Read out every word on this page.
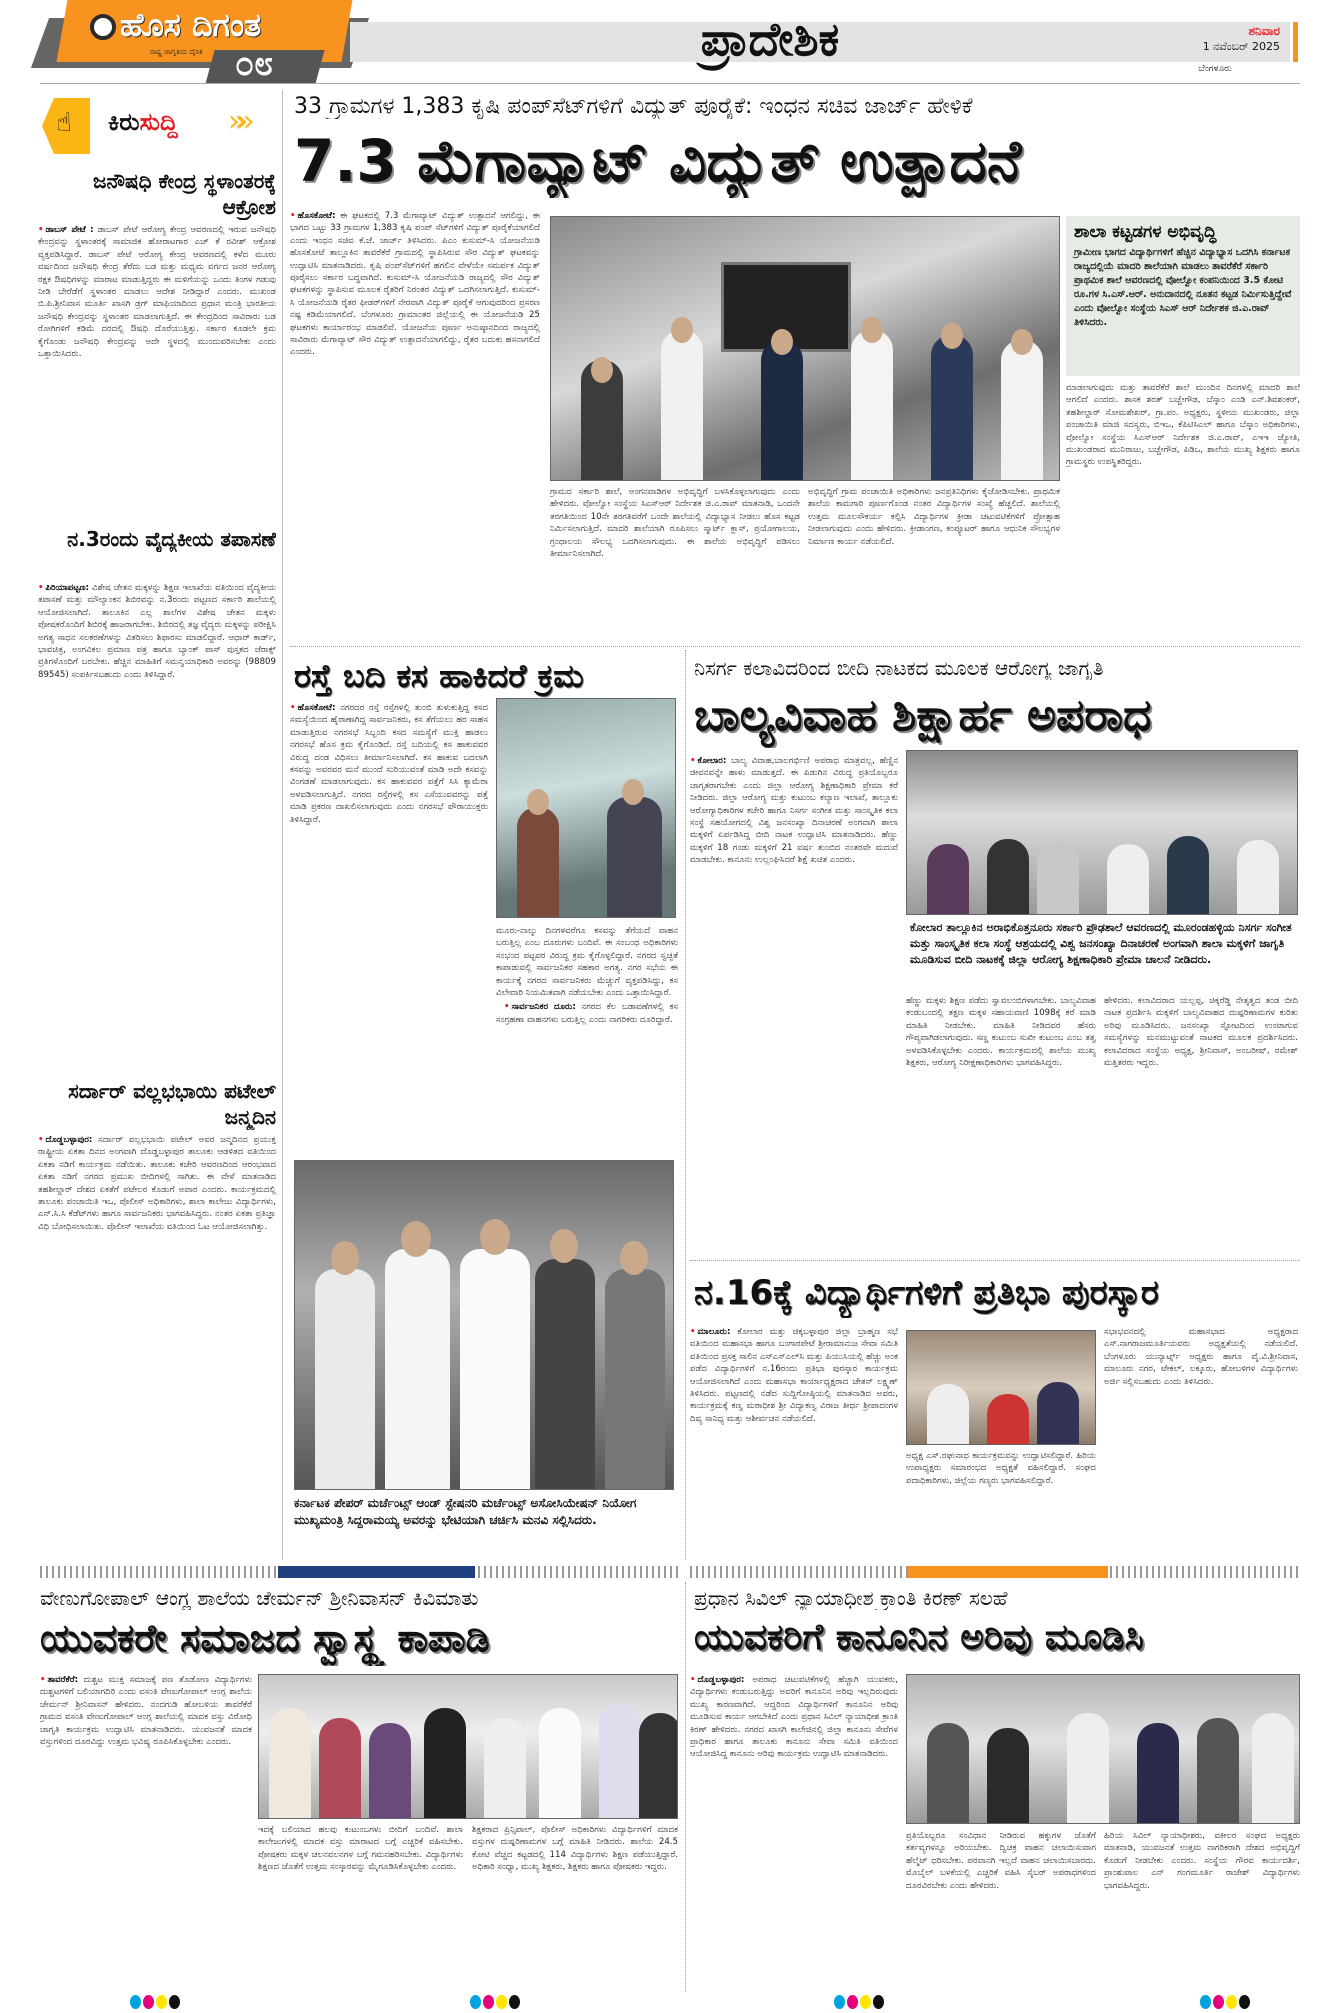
ಹೊಸ ದಿಗಂತ
ರಾಷ್ಟ್ರ ಜಾಗೃತಿಯ ದೈನಿಕ ೦೮	ಪ್ರಾದೇಶಿಕ	ಶನಿವಾರ
1 ನವೆಂಬರ್ 2025
ಬೆಂಗಳೂರು
☝ ಕಿರುಸುದ್ದಿ »»
ಜನೌಷಧಿ ಕೇಂದ್ರ ಸ್ಥಳಾಂತರಕ್ಕೆ ಆಕ್ರೋಶ

• ಡಾಬಸ್ ಪೇಟೆ : ಡಾಬಸ್ ಪೇಟೆ ಆರೋಗ್ಯ ಕೇಂದ್ರ ಆವರಣದಲ್ಲಿ ಇರುವ ಜನೌಷಧಿ ಕೇಂದ್ರವನ್ನು ಸ್ಥಳಾಂತರಕ್ಕೆ ಸಾಮಾಜಿಕ ಹೋರಾಟಗಾರ ಎಚ್ ಕೆ ರವೀಶ್ ಆಕ್ರೋಶ ವ್ಯಕ್ತಪಡಿಸಿದ್ದಾರೆ. ಡಾಬಸ್ ಪೇಟೆ ಆರೋಗ್ಯ ಕೇಂದ್ರ ಆವರಣದಲ್ಲಿ ಕಳೆದ ಮೂರು ವರ್ಷದಿಂದ ಜನೌಷಧಿ ಕೇಂದ್ರ ತೆರೆದು ಬಡ ಮತ್ತು ಮಧ್ಯಮ ವರ್ಗದ ಜನರ ಆರೋಗ್ಯ ರಕ್ಷಕ ಔಷಧಿಗಳನ್ನು ಮಾರಾಟ ಮಾಡುತ್ತಿದ್ದರು ಈ ಮಳಿಗೆಯನ್ನು ಒಂದು ತಿಂಗಳ ಗಡುವು ನೀಡಿ ಬೇರೆಡೆಗೆ ಸ್ಥಳಾಂತರ ಮಾಡಲು ಆದೇಶ ನೀಡಿದ್ದಾರೆ ಎಂದರು. ಮುಖಂಡ ಬಿ.ಪಿ.ಶ್ರೀನಿವಾಸ ಮೂರ್ತಿ ಖಾಸಗಿ ಡ್ರಗ್ ಮಾಫಿಯಾದಿಂದ ಪ್ರಧಾನ ಮಂತ್ರಿ ಭಾರತೀಯ ಜನೌಷಧಿ ಕೇಂದ್ರವನ್ನು ಸ್ಥಳಾಂತರ ಮಾಡಲಾಗುತ್ತಿದೆ. ಈ ಕೇಂದ್ರದಿಂದ ಸಾವಿರಾರು ಬಡ ರೋಗಿಗಳಿಗೆ ಕಡಿಮೆ ದರದಲ್ಲಿ ಔಷಧಿ ದೊರೆಯುತ್ತಿತ್ತು. ಸರ್ಕಾರ ಕೂಡಲೇ ಕ್ರಮ ಕೈಗೊಂಡು ಜನೌಷಧಿ ಕೇಂದ್ರವನ್ನು ಅದೇ ಸ್ಥಳದಲ್ಲಿ ಮುಂದುವರಿಸಬೇಕು ಎಂದು ಒತ್ತಾಯಿಸಿದರು.

ನ.3ರಂದು ವೈದ್ಯಕೀಯ ತಪಾಸಣೆ

• ಪಿರಿಯಾಪಟ್ಟಣ: ವಿಶೇಷ ಚೇತನ ಮಕ್ಕಳನ್ನು ಶಿಕ್ಷಣ ಇಲಾಖೆಯ ವತಿಯಿಂದ ವೈದ್ಯಕೀಯ ತಪಾಸಣೆ ಮತ್ತು ಮೌಲ್ಯಾಂಕನ ಶಿಬಿರವನ್ನು ನ.3ರಂದು ಪಟ್ಟಣದ ಸರ್ಕಾರಿ ಶಾಲೆಯಲ್ಲಿ ಆಯೋಜಿಸಲಾಗಿದೆ. ತಾಲೂಕಿನ ಎಲ್ಲ ಶಾಲೆಗಳ ವಿಶೇಷ ಚೇತನ ಮಕ್ಕಳು ಪೋಷಕರೊಂದಿಗೆ ಶಿಬಿರಕ್ಕೆ ಹಾಜರಾಗಬೇಕು. ಶಿಬಿರದಲ್ಲಿ ತಜ್ಞ ವೈದ್ಯರು ಮಕ್ಕಳನ್ನು ಪರೀಕ್ಷಿಸಿ ಅಗತ್ಯ ಸಾಧನ ಸಲಕರಣೆಗಳನ್ನು ವಿತರಿಸಲು ಶಿಫಾರಸು ಮಾಡಲಿದ್ದಾರೆ. ಆಧಾರ್ ಕಾರ್ಡ್, ಭಾವಚಿತ್ರ, ಅಂಗವಿಕಲ ಪ್ರಮಾಣ ಪತ್ರ ಹಾಗೂ ಬ್ಯಾಂಕ್ ಪಾಸ್ ಪುಸ್ತಕದ ಜೆರಾಕ್ಸ್ ಪ್ರತಿಗಳೊಂದಿಗೆ ಬರಬೇಕು. ಹೆಚ್ಚಿನ ಮಾಹಿತಿಗೆ ಸಮನ್ವಯಾಧಿಕಾರಿ ಅವರನ್ನು (98809 89545) ಸಂಪರ್ಕಿಸಬಹುದು ಎಂದು ತಿಳಿಸಿದ್ದಾರೆ.

ಸರ್ದಾರ್ ವಲ್ಲಭಭಾಯಿ ಪಟೇಲ್ ಜನ್ಮದಿನ

• ದೊಡ್ಡಬಳ್ಳಾಪುರ: ಸರ್ದಾರ್ ವಲ್ಲಭಭಾಯಿ ಪಟೇಲ್ ಅವರ ಜನ್ಮದಿನದ ಪ್ರಯುಕ್ತ ರಾಷ್ಟ್ರೀಯ ಏಕತಾ ದಿನದ ಅಂಗವಾಗಿ ದೊಡ್ಡಬಳ್ಳಾಪುರ ತಾಲೂಕು ಆಡಳಿತದ ವತಿಯಿಂದ ಏಕತಾ ನಡಿಗೆ ಕಾರ್ಯಕ್ರಮ ನಡೆಯಿತು. ತಾಲೂಕು ಕಚೇರಿ ಆವರಣದಿಂದ ಆರಂಭವಾದ ಏಕತಾ ನಡಿಗೆ ನಗರದ ಪ್ರಮುಖ ಬೀದಿಗಳಲ್ಲಿ ಸಾಗಿತು. ಈ ವೇಳೆ ಮಾತನಾಡಿದ ತಹಶೀಲ್ದಾರ್ ದೇಶದ ಏಕತೆಗೆ ಪಟೇಲರ ಕೊಡುಗೆ ಅಪಾರ ಎಂದರು. ಕಾರ್ಯಕ್ರಮದಲ್ಲಿ ತಾಲೂಕು ಪಂಚಾಯಿತಿ ಇಒ, ಪೊಲೀಸ್ ಅಧಿಕಾರಿಗಳು, ಶಾಲಾ ಕಾಲೇಜು ವಿದ್ಯಾರ್ಥಿಗಳು, ಎನ್.ಸಿ.ಸಿ ಕೆಡೆಟ್‌ಗಳು ಹಾಗೂ ಸಾರ್ವಜನಿಕರು ಭಾಗವಹಿಸಿದ್ದರು. ನಂತರ ಏಕತಾ ಪ್ರತಿಜ್ಞಾ ವಿಧಿ ಬೋಧಿಸಲಾಯಿತು. ಪೊಲೀಸ್ ಇಲಾಖೆಯ ವತಿಯಿಂದ ಓಟ ಆಯೋಜಿಸಲಾಗಿತ್ತು.

33 ಗ್ರಾಮಗಳ 1,383 ಕೃಷಿ ಪಂಪ್‌ಸೆಟ್‌ಗಳಿಗೆ ವಿದ್ಯುತ್ ಪೂರೈಕೆ: ಇಂಧನ ಸಚಿವ ಜಾರ್ಜ್ ಹೇಳಿಕೆ
7.3 ಮೆಗಾವ್ಯಾಟ್ ವಿದ್ಯುತ್ ಉತ್ಪಾದನೆ

• ಹೊಸಕೋಟೆ: ಈ ಘಟಕದಲ್ಲಿ 7.3 ಮೆಗಾವ್ಯಾಟ್ ವಿದ್ಯುತ್ ಉತ್ಪಾದನೆ ಆಗಲಿದ್ದು, ಈ ಭಾಗದ ಒಟ್ಟು 33 ಗ್ರಾಮಗಳ 1,383 ಕೃಷಿ ಪಂಪ್ ಸೆಟ್‌ಗಳಿಗೆ ವಿದ್ಯುತ್ ಪೂರೈಕೆಯಾಗಲಿದೆ ಎಂದು ಇಂಧನ ಸಚಿವ ಕೆ.ಜೆ. ಜಾರ್ಜ್ ತಿಳಿಸಿದರು. ಪಿಎಂ ಕುಸುಮ್-ಸಿ ಯೋಜನೆಯಡಿ ಹೊಸಕೋಟೆ ತಾಲ್ಲೂಕಿನ ತಾವರೆಕೆರೆ ಗ್ರಾಮದಲ್ಲಿ ಸ್ಥಾಪಿಸಿರುವ ಸೌರ ವಿದ್ಯುತ್ ಘಟಕವನ್ನು ಉದ್ಘಾಟಿಸಿ ಮಾತನಾಡಿದರು. ಕೃಷಿ ಪಂಪ್‌ಸೆಟ್‌ಗಳಿಗೆ ಹಗಲಿನ ವೇಳೆಯೇ ಸಮರ್ಪಕ ವಿದ್ಯುತ್ ಪೂರೈಸಲು ಸರ್ಕಾರ ಬದ್ಧವಾಗಿದೆ. ಕುಸುಮ್-ಸಿ ಯೋಜನೆಯಡಿ ರಾಜ್ಯದಲ್ಲಿ ಸೌರ ವಿದ್ಯುತ್ ಘಟಕಗಳನ್ನು ಸ್ಥಾಪಿಸುವ ಮೂಲಕ ರೈತರಿಗೆ ನಿರಂತರ ವಿದ್ಯುತ್ ಒದಗಿಸಲಾಗುತ್ತಿದೆ. ಕುಸುಮ್-ಸಿ ಯೋಜನೆಯಡಿ ರೈತರ ಫೀಡರ್‌ಗಳಿಗೆ ನೇರವಾಗಿ ವಿದ್ಯುತ್ ಪೂರೈಕೆ ಆಗುವುದರಿಂದ ಪ್ರಸರಣ ನಷ್ಟ ಕಡಿಮೆಯಾಗಲಿದೆ. ಬೆಂಗಳೂರು ಗ್ರಾಮಾಂತರ ಜಿಲ್ಲೆಯಲ್ಲಿ ಈ ಯೋಜನೆಯಡಿ 25 ಘಟಕಗಳು ಕಾರ್ಯಾರಂಭ ಮಾಡಲಿವೆ. ಯೋಜನೆಯ ಪೂರ್ಣ ಅನುಷ್ಠಾನದಿಂದ ರಾಜ್ಯದಲ್ಲಿ ಸಾವಿರಾರು ಮೆಗಾವ್ಯಾಟ್ ಸೌರ ವಿದ್ಯುತ್ ಉತ್ಪಾದನೆಯಾಗಲಿದ್ದು, ರೈತರ ಬದುಕು ಹಸನಾಗಲಿದೆ ಎಂದರು.

ಗ್ರಾಮದ ಸರ್ಕಾರಿ ಶಾಲೆ, ಅಂಗನವಾಡಿಗಳ ಅಭಿವೃದ್ಧಿಗೆ ಬಳಸಿಕೊಳ್ಳಲಾಗುವುದು ಎಂದು ಹೇಳಿದರು. ವೋಲ್ವೋ ಸಂಸ್ಥೆಯ ಸಿಎಸ್‌ಆರ್ ನಿರ್ದೇಶಕ ಜಿ.ಎ.ರಾವ್ ಮಾತನಾಡಿ, ಒಂದನೇ ತರಗತಿಯಿಂದ 10ನೇ ತರಗತಿವರೆಗೆ ಒಂದೇ ಶಾಲೆಯಲ್ಲಿ ವಿದ್ಯಾಭ್ಯಾಸ ನೀಡಲು ಹೊಸ ಕಟ್ಟಡ ನಿರ್ಮಿಸಲಾಗುತ್ತಿದೆ. ಮಾದರಿ ಶಾಲೆಯಾಗಿ ರೂಪಿಸಲು ಸ್ಮಾರ್ಟ್ ಕ್ಲಾಸ್, ಪ್ರಯೋಗಾಲಯ, ಗ್ರಂಥಾಲಯ ಸೌಲಭ್ಯ ಒದಗಿಸಲಾಗುವುದು. ಈ ಶಾಲೆಯ ಅಭಿವೃದ್ಧಿಗೆ ಪಡಿಸಲು ತೀರ್ಮಾನಿಸಲಾಗಿದೆ.

ಅಭಿವೃದ್ಧಿಗೆ ಗ್ರಾಮ ಪಂಚಾಯಿತಿ ಅಧಿಕಾರಿಗಳು ಜನಪ್ರತಿನಿಧಿಗಳು ಕೈಜೋಡಿಸಬೇಕು. ಪ್ರಾಥಮಿಕ ಶಾಲೆಯ ಕಾಮಗಾರಿ ಪೂರ್ಣಗೊಂಡ ನಂತರ ವಿದ್ಯಾರ್ಥಿಗಳ ಸಂಖ್ಯೆ ಹೆಚ್ಚಲಿದೆ. ಶಾಲೆಯಲ್ಲಿ ಉತ್ತಮ ಮೂಲಸೌಕರ್ಯ ಕಲ್ಪಿಸಿ ವಿದ್ಯಾರ್ಥಿಗಳ ಕ್ರೀಡಾ ಚಟುವಟಿಕೆಗಳಿಗೆ ಪ್ರೋತ್ಸಾಹ ನೀಡಲಾಗುವುದು ಎಂದು ಹೇಳಿದರು. ಕ್ರೀಡಾಂಗಣ, ಕಂಪ್ಯೂಟರ್ ಹಾಗೂ ಆಧುನಿಕ ಸೌಲಭ್ಯಗಳ ನಿರ್ಮಾಣ ಕಾರ್ಯ ನಡೆಯಲಿದೆ.

ಶಾಲಾ ಕಟ್ಟಡಗಳ ಅಭಿವೃದ್ಧಿ
ಗ್ರಾಮೀಣ ಭಾಗದ ವಿದ್ಯಾರ್ಥಿಗಳಿಗೆ ಹೆಚ್ಚಿನ ವಿದ್ಯಾಭ್ಯಾಸ ಒದಗಿಸಿ ಕರ್ನಾಟಕ ರಾಜ್ಯದಲ್ಲಿಯೆ ಮಾದರಿ ಶಾಲೆಯಾಗಿ ಮಾಡಲು ತಾವರೆಕೆರೆ ಸರ್ಕಾರಿ ಪ್ರಾಥಮಿಕ ಶಾಲೆ ಆವರಣದಲ್ಲಿ ವೋಲ್ವೋ ಕಂಪನಿಯಿಂದ 3.5 ಕೋಟಿ ರೂ.ಗಳ ಸಿ.ಎಸ್.ಆರ್. ಅನುದಾನದಲ್ಲಿ ನೂತನ ಕಟ್ಟಡ ನಿರ್ಮಿಸುತ್ತಿದ್ದೇವೆ ಎಂದು ವೋಲ್ವೋ ಸಂಸ್ಥೆಯ ಸಿಎಸ್ ಆರ್ ನಿರ್ದೇಶಕ ಜಿ.ಎ.ರಾವ್ ತಿಳಿಸಿದರು.

ಮಾಡಲಾಗುವುದು ಮತ್ತು ತಾವರೆಕೆರೆ ಶಾಲೆ ಮುಂದಿನ ದಿನಗಳಲ್ಲಿ ಮಾದರಿ ಶಾಲೆ ಆಗಲಿದೆ ಎಂದರು. ಶಾಸಕ ಶರತ್ ಬಚ್ಚೇಗೌಡ, ಬೆಸ್ಕಾಂ ಎಂಡಿ ಎನ್.ಶಿವಶಂಕರ್, ತಹಶೀಲ್ದಾರ್ ಸೋಮಶೇಖರ್, ಗ್ರಾ.ಪಂ. ಅಧ್ಯಕ್ಷರು, ಸ್ಥಳೀಯ ಮುಖಂಡರು, ಜಿಲ್ಲಾ ಪಂಚಾಯಿತಿ ಮಾಜಿ ಸದಸ್ಯರು, ಬಿಇಒ, ಕೆಪಿಟಿಸಿಎಲ್ ಹಾಗೂ ಬೆಸ್ಕಾಂ ಅಧಿಕಾರಿಗಳು, ವೋಲ್ವೋ ಸಂಸ್ಥೆಯ ಸಿಎಸ್‌ಆರ್ ನಿರ್ದೇಶಕ ಜಿ.ಎ.ರಾವ್, ಎಇಇ ಜ್ಯೋತಿ, ಮುಖಂಡರಾದ ಮುನಿರಾಜು, ಬಚ್ಚೇಗೌಡ, ಪಿಡಿಒ, ಶಾಲೆಯ ಮುಖ್ಯ ಶಿಕ್ಷಕರು ಹಾಗೂ ಗ್ರಾಮಸ್ಥರು ಉಪಸ್ಥಿತರಿದ್ದರು.

ರಸ್ತೆ ಬದಿ ಕಸ ಹಾಕಿದರೆ ಕ್ರಮ

• ಹೊಸಕೋಟೆ: ನಗರದರ ರಸ್ತೆ ರಸ್ತೆಗಳಲ್ಲಿ ತುಂಬಿ ತುಳುಕುತ್ತಿದ್ದ ಕಸದ ಸಮಸ್ಯೆಯಿಂದ ಹೈರಾಣಾಗಿದ್ದ ಸಾರ್ವಜನಿಕರು, ಕಸ ತೆಗೆಯಲು ಹರ ಸಾಹಸ ಮಾಡುತ್ತಿರುವ ನಗರಸಭೆ ಸಿಬ್ಬಂದಿ ಕಸದ ಸಮಸ್ಯೆಗೆ ಮುಕ್ತಿ ಹಾಡಲು ನಗರಸಭೆ ಹೊಸ ಕ್ರಮ ಕೈಗೊಂಡಿದೆ. ರಸ್ತೆ ಬದಿಯಲ್ಲಿ ಕಸ ಹಾಕುವವರ ವಿರುದ್ಧ ದಂಡ ವಿಧಿಸಲು ತೀರ್ಮಾನಿಸಲಾಗಿದೆ. ಕಸ ಹಾಕುವ ಬದಲಾಗಿ ಕಸವನ್ನು ಅವರವರ ಮನೆ ಮುಂದೆ ಸುರಿಯುವಂತೆ ಮಾಡಿ ಅದೇ ಕಸವನ್ನು ವಿಂಗಡಣೆ ಮಾಡಲಾಗುವುದು. ಕಸ ಹಾಕುವವರ ಪತ್ತೆಗೆ ಸಿಸಿ ಕ್ಯಾಮೆರಾ ಅಳವಡಿಸಲಾಗುತ್ತಿದೆ. ನಗರದ ರಸ್ತೆಗಳಲ್ಲಿ ಕಸ ಎಸೆಯುವವರನ್ನು ಪತ್ತೆ ಮಾಡಿ ಪ್ರಕರಣ ದಾಖಲಿಸಲಾಗುವುದು ಎಂದು ನಗರಸಭೆ ಪೌರಾಯುಕ್ತರು ತಿಳಿಸಿದ್ದಾರೆ.

ಮೂರು-ನಾಲ್ಕು ದಿನಗಳವರೆಗೂ ಕಸವನ್ನು ತೆಗೆಯದೆ ವಾಹನ ಬರುತ್ತಿಲ್ಲ ಎಂಬ ದೂರುಗಳು ಬಂದಿವೆ. ಈ ಸಂಬಂಧ ಅಧಿಕಾರಿಗಳು ಸಂಭಂದ ಪಟ್ಟವರ ವಿರುದ್ಧ ಕ್ರಮ ಕೈಗೊಳ್ಳಲಿದ್ದಾರೆ. ನಗರದ ಸ್ವಚ್ಛತೆ ಕಾಪಾಡುವಲ್ಲಿ ಸಾರ್ವಜನಿಕರ ಸಹಕಾರ ಅಗತ್ಯ. ನಗರ ಸಭೆಯ ಈ ಕಾರ್ಯಕ್ಕೆ ನಗರದ ಸಾರ್ವಜನಿಕರು ಮೆಚ್ಚುಗೆ ವ್ಯಕ್ತಪಡಿಸಿದ್ದು, ಕಸ ವಿಲೇವಾರಿ ನಿಯಮಿತವಾಗಿ ನಡೆಯಬೇಕು ಎಂದು ಒತ್ತಾಯಿಸಿದ್ದಾರೆ.

• ಸಾರ್ವಜನಿಕರ ದೂರು: ನಗರದ ಕೆಲ ಬಡಾವಣೆಗಳಲ್ಲಿ ಕಸ ಸಂಗ್ರಹಣಾ ವಾಹನಗಳು ಬರುತ್ತಿಲ್ಲ ಎಂದು ನಾಗರಿಕರು ದೂರಿದ್ದಾರೆ.

ಕರ್ನಾಟಕ ಪೇಪರ್ ಮರ್ಚೆಂಟ್ಸ್ ಆಂಡ್ ಸ್ಟೇಷನರಿ ಮರ್ಚೆಂಟ್ಸ್ ಅಸೋಸಿಯೇಷನ್ ನಿಯೋಗ ಮುಖ್ಯಮಂತ್ರಿ ಸಿದ್ದರಾಮಯ್ಯ ಅವರನ್ನು ಭೇಟಿಯಾಗಿ ಚರ್ಚಿಸಿ ಮನವಿ ಸಲ್ಲಿಸಿದರು.
ನಿಸರ್ಗ ಕಲಾವಿದರಿಂದ ಬೀದಿ ನಾಟಕದ ಮೂಲಕ ಆರೋಗ್ಯ ಜಾಗೃತಿ
ಬಾಲ್ಯವಿವಾಹ ಶಿಕ್ಷಾರ್ಹ ಅಪರಾಧ

• ಕೋಲಾರ: ಬಾಲ್ಯ ವಿವಾಹ,ಬಾಲಗರ್ಭಿಣಿ ಅಪರಾಧ ಮಾತ್ರವಲ್ಲ, ಹೆಣ್ಣಿನ ಜೀವನವನ್ನೇ ಹಾಳು ಮಾಡುತ್ತದೆ. ಈ ಪಿಡುಗಿನ ವಿರುದ್ಧ ಪ್ರತಿಯೊಬ್ಬರೂ ಜಾಗೃತರಾಗಬೇಕು ಎಂದು ಜಿಲ್ಲಾ ಆರೋಗ್ಯ ಶಿಕ್ಷಣಾಧಿಕಾರಿ ಪ್ರೇಮಾ ಕರೆ ನೀಡಿದರು. ಜಿಲ್ಲಾ ಆರೋಗ್ಯ ಮತ್ತು ಕುಟುಂಬ ಕಲ್ಯಾಣ ಇಲಾಖೆ, ತಾಲ್ಲೂಕು ಆರೋಗ್ಯಾಧಿಕಾರಿಗಳ ಕಚೇರಿ ಹಾಗೂ ನಿಸರ್ಗ ಸಂಗೀತ ಮತ್ತು ಸಾಂಸ್ಕೃತಿಕ ಕಲಾ ಸಂಸ್ಥೆ ಸಹಯೋಗದಲ್ಲಿ ವಿಶ್ವ ಜನಸಂಖ್ಯಾ ದಿನಾಚರಣೆ ಅಂಗವಾಗಿ ಶಾಲಾ ಮಕ್ಕಳಿಗೆ ಏರ್ಪಡಿಸಿದ್ದ ಬೀದಿ ನಾಟಕ ಉದ್ಘಾಟಿಸಿ ಮಾತನಾಡಿದರು. ಹೆಣ್ಣು ಮಕ್ಕಳಿಗೆ 18 ಗಂಡು ಮಕ್ಕಳಿಗೆ 21 ವರ್ಷ ತುಂಬಿದ ನಂತರವೇ ಮದುವೆ ಮಾಡಬೇಕು. ಕಾನೂನು ಉಲ್ಲಂಘಿಸಿದರೆ ಶಿಕ್ಷೆ ಖಚಿತ ಎಂದರು.

ಕೋಲಾರ ತಾಲ್ಲೂಕಿನ ಅರಾಭಿಕೊತ್ತನೂರು ಸರ್ಕಾರಿ ಪ್ರೌಢಶಾಲೆ ಆವರಣದಲ್ಲಿ ಮೂರಂಡಹಳ್ಳಿಯ ನಿಸರ್ಗ ಸಂಗೀತ ಮತ್ತು ಸಾಂಸ್ಕೃತಿಕ ಕಲಾ ಸಂಸ್ಥೆ ಆಶ್ರಯದಲ್ಲಿ ವಿಶ್ವ ಜನಸಂಖ್ಯಾ ದಿನಾಚರಣೆ ಅಂಗವಾಗಿ ಶಾಲಾ ಮಕ್ಕಳಿಗೆ ಜಾಗೃತಿ ಮೂಡಿಸುವ ಬೀದಿ ನಾಟಕಕ್ಕೆ ಜಿಲ್ಲಾ ಆರೋಗ್ಯ ಶಿಕ್ಷಣಾಧಿಕಾರಿ ಪ್ರೇಮಾ ಚಾಲನೆ ನೀಡಿದರು.

ಹೆಣ್ಣು ಮಕ್ಕಳು ಶಿಕ್ಷಣ ಪಡೆದು ಸ್ವಾವಲಂಬಿಗಳಾಗಬೇಕು. ಬಾಲ್ಯವಿವಾಹ ಕಂಡುಬಂದಲ್ಲಿ ತಕ್ಷಣ ಮಕ್ಕಳ ಸಹಾಯವಾಣಿ 1098ಕ್ಕೆ ಕರೆ ಮಾಡಿ ಮಾಹಿತಿ ನೀಡಬೇಕು. ಮಾಹಿತಿ ನೀಡಿದವರ ಹೆಸರು ಗೌಪ್ಯವಾಗಿಡಲಾಗುವುದು. ಸಣ್ಣ ಕುಟುಂಬ ಸುಖೀ ಕುಟುಂಬ ಎಂಬ ತತ್ವ ಅಳವಡಿಸಿಕೊಳ್ಳಬೇಕು ಎಂದರು. ಕಾರ್ಯಕ್ರಮದಲ್ಲಿ ಶಾಲೆಯ ಮುಖ್ಯ ಶಿಕ್ಷಕರು, ಆರೋಗ್ಯ ನಿರೀಕ್ಷಣಾಧಿಕಾರಿಗಳು ಭಾಗವಹಿಸಿದ್ದರು.

ಹೇಳಿದರು. ಕಲಾವಿದರಾದ ಯಲ್ಲಪ್ಪ, ಚಿಕ್ಕರೆಡ್ಡಿ ನೇತೃತ್ವದ ತಂಡ ಬೀದಿ ನಾಟಕ ಪ್ರದರ್ಶಿಸಿ ಮಕ್ಕಳಿಗೆ ಬಾಲ್ಯವಿವಾಹದ ದುಷ್ಪರಿಣಾಮಗಳ ಕುರಿತು ಅರಿವು ಮೂಡಿಸಿದರು. ಜನಸಂಖ್ಯಾ ಸ್ಫೋಟದಿಂದ ಉಂಟಾಗುವ ಸಮಸ್ಯೆಗಳನ್ನು ಮನಮುಟ್ಟುವಂತೆ ನಾಟಕದ ಮೂಲಕ ಪ್ರದರ್ಶಿಸಿದರು. ಕಲಾವಿದರಾದ ಸಂಸ್ಥೆಯ ಅಧ್ಯಕ್ಷ, ಶ್ರೀನಿವಾಸ್, ಅಂಬರೀಷ್, ರಮೇಶ್ ಮತ್ತಿತರರು ಇದ್ದರು.

ನ.16ಕ್ಕೆ ವಿದ್ಯಾರ್ಥಿಗಳಿಗೆ ಪ್ರತಿಭಾ ಪುರಸ್ಕಾರ

• ಮಾಲೂರು: ಕೋಲಾರ ಮತ್ತು ಚಿಕ್ಕಬಳ್ಳಾಪುರ ಜಿಲ್ಲಾ ಬ್ರಾಹ್ಮಣ ಸಭೆ ವತಿಯಿಂದ ಮಹಾಸಭಾ ಹಾಗೂ ಬಂಗಾರಪೇಟೆ ಶ್ರೀರಾಮಾನುಜ ಸೇವಾ ಸಮಿತಿ ವತಿಯಿಂದ ಪ್ರಸಕ್ತ ಸಾಲಿನ ಎಸ್ಎಸ್ಎಲ್‌ಸಿ ಮತ್ತು ಪಿಯುಸಿಯಲ್ಲಿ ಹೆಚ್ಚು ಅಂಕ ಪಡೆದ ವಿದ್ಯಾರ್ಥಿಗಳಿಗೆ ನ.16ರಂದು ಪ್ರತಿಭಾ ಪುರಸ್ಕಾರ ಕಾರ್ಯಕ್ರಮ ಆಯೋಜಿಸಲಾಗಿದೆ ಎಂದು ಮಹಾಸಭಾ ಕಾರ್ಯಾಧ್ಯಕ್ಷರಾದ ಚೇತನ್ ಲಕ್ಷ್ಮಣ್ ತಿಳಿಸಿದರು. ಪಟ್ಟಣದಲ್ಲಿ ನಡೆದ ಸುದ್ದಿಗೋಷ್ಠಿಯಲ್ಲಿ ಮಾತನಾಡಿದ ಅವರು, ಕಾರ್ಯಕ್ರಮಕ್ಕೆ ಕಣ್ವ ಮಠಾಧೀಶ ಶ್ರೀ ವಿದ್ಯಾಕಣ್ವ ವಿರಾಜ ತೀರ್ಥ ಶ್ರೀಪಾದಂಗಳ ದಿವ್ಯ ಸಾನಿಧ್ಯ ಮತ್ತು ಆಶೀರ್ವಚನ ನಡೆಯಲಿದೆ.

ಅಧ್ಯಕ್ಷ ಎಸ್.ರಘುನಾಥ ಕಾರ್ಯಕ್ರಮವನ್ನು ಉದ್ಘಾಟಿಸಲಿದ್ದಾರೆ. ಹಿರಿಯ ಉಪಾಧ್ಯಕ್ಷರು ಸಮಾರಂಭದ ಅಧ್ಯಕ್ಷತೆ ವಹಿಸಲಿದ್ದಾರೆ. ಸಂಘದ ಪದಾಧಿಕಾರಿಗಳು, ಜಿಲ್ಲೆಯ ಗಣ್ಯರು ಭಾಗವಹಿಸಲಿದ್ದಾರೆ.

ಸಭಾಭವನದಲ್ಲಿ ಮಹಾಸಭಾದ ಅಧ್ಯಕ್ಷರಾದ ಎಸ್.ನಾಗರಾಜಮೂರ್ತಿಯವರು ಅಧ್ಯಕ್ಷತೆಯಲ್ಲಿ ನಡೆಯಲಿದೆ. ಬೆಂಗಳೂರು ಯುನ್ಯಾರ್ಟ್ಸ್ ಅಧ್ಯಕ್ಷರು ಹಾಗೂ ವೈ.ವಿ.ಶ್ರೀನಿವಾಸ, ಮಾಲೂರು ನಗರ, ಟೇಕಲ್, ಲಕ್ಕೂರು, ಹೋಬಳಿಗಳ ವಿದ್ಯಾರ್ಥಿಗಳು ಅರ್ಜಿ ಸಲ್ಲಿಸಬಹುದು ಎಂದು ತಿಳಿಸಿದರು.

ವೇಣುಗೋಪಾಲ್ ಆಂಗ್ಲ ಶಾಲೆಯ ಚೇರ್ಮನ್ ಶ್ರೀನಿವಾಸನ್ ಕಿವಿಮಾತು
ಯುವಕರೇ ಸಮಾಜದ ಸ್ವಾಸ್ಥ್ಯ ಕಾಪಾಡಿ

• ತಾವರೆಕೆರೆ: ದುಶ್ಚಟ ಮುಕ್ತ ಸಮಾಜಕ್ಕೆ ಪಣ ತೊಡೋಣ ವಿದ್ಯಾರ್ಥಿಗಳು ದುಶ್ಚಟಗಳಿಗೆ ಬಲಿಯಾಗದಿರಿ ಎಂದು ವಸಂತಿ ವೇಣುಗೋಪಾಲ್ ಆಂಗ್ಲ ಶಾಲೆಯ ಚೇರ್ಮನ್ ಶ್ರೀನಿವಾಸನ್ ಹೇಳಿದರು. ನಂದಗುಡಿ ಹೋಬಳಿಯ ತಾವರೆಕೆರೆ ಗ್ರಾಮದ ವಸಂತಿ ವೇಣುಗೋಪಾಲ್ ಆಂಗ್ಲ ಶಾಲೆಯಲ್ಲಿ ಮಾದಕ ವಸ್ತು ವಿರೋಧಿ ಜಾಗೃತಿ ಕಾರ್ಯಕ್ರಮ ಉದ್ಘಾಟಿಸಿ ಮಾತನಾಡಿದರು. ಯುವಜನತೆ ಮಾದಕ ವಸ್ತುಗಳಿಂದ ದೂರವಿದ್ದು ಉತ್ತಮ ಭವಿಷ್ಯ ರೂಪಿಸಿಕೊಳ್ಳಬೇಕು ಎಂದರು.

ಇದಕ್ಕೆ ಬಲಿಯಾದ ಹಲವು ಕುಟುಂಬಗಳು ಬೀದಿಗೆ ಬಂದಿವೆ. ಶಾಲಾ ಕಾಲೇಜುಗಳಲ್ಲಿ ಮಾದಕ ವಸ್ತು ಮಾರಾಟದ ಬಗ್ಗೆ ಎಚ್ಚರಿಕೆ ವಹಿಸಬೇಕು. ಪೋಷಕರು ಮಕ್ಕಳ ಚಲನವಲನಗಳ ಬಗ್ಗೆ ಗಮನಹರಿಸಬೇಕು. ವಿದ್ಯಾರ್ಥಿಗಳು ಶಿಕ್ಷಣದ ಜೊತೆಗೆ ಉತ್ತಮ ಸಂಸ್ಕಾರವನ್ನು ಮೈಗೂಡಿಸಿಕೊಳ್ಳಬೇಕು ಎಂದರು.

ಶಿಕ್ಷಕರಾದ ಪ್ರಿನ್ಸಿಪಾಲ್, ಪೊಲೀಸ್ ಅಧಿಕಾರಿಗಳು ವಿದ್ಯಾರ್ಥಿಗಳಿಗೆ ಮಾದಕ ವಸ್ತುಗಳ ದುಷ್ಪರಿಣಾಮಗಳ ಬಗ್ಗೆ ಮಾಹಿತಿ ನೀಡಿದರು. ಶಾಲೆಯ 24.5 ಕೋಟಿ ವೆಚ್ಚದ ಕಟ್ಟಡದಲ್ಲಿ 114 ವಿದ್ಯಾರ್ಥಿಗಳು ಶಿಕ್ಷಣ ಪಡೆಯುತ್ತಿದ್ದಾರೆ. ಅಧಿಕಾರಿ ಸಂಧ್ಯಾ, ಮುಖ್ಯ ಶಿಕ್ಷಕರು, ಶಿಕ್ಷಕರು ಹಾಗೂ ಪೋಷಕರು ಇದ್ದರು.

ಪ್ರಧಾನ ಸಿವಿಲ್ ನ್ಯಾಯಾಧೀಶ ಕ್ರಾಂತಿ ಕಿರಣ್ ಸಲಹೆ
ಯುವಕರಿಗೆ ಕಾನೂನಿನ ಅರಿವು ಮೂಡಿಸಿ

• ದೊಡ್ಡಬಳ್ಳಾಪುರ: ಅಪರಾಧ ಚಟುವಟಿಕೆಗಳಲ್ಲಿ ಹೆಚ್ಚಾಗಿ ಯುವಕರು, ವಿದ್ಯಾರ್ಥಿಗಳು ಕಂಡುಬರುತ್ತಿದ್ದು ಅವರಿಗೆ ಕಾನೂನಿನ ಅರಿವು ಇಲ್ಲದಿರುವುದು ಮುಖ್ಯ ಕಾರಣವಾಗಿದೆ. ಆದ್ದರಿಂದ ವಿದ್ಯಾರ್ಥಿಗಳಿಗೆ ಕಾನೂನಿನ ಅರಿವು ಮೂಡಿಸುವ ಕಾರ್ಯ ಆಗಬೇಕಿದೆ ಎಂದು ಪ್ರಧಾನ ಸಿವಿಲ್ ನ್ಯಾಯಾಧೀಶ ಕ್ರಾಂತಿ ಕಿರಣ್ ಹೇಳಿದರು. ನಗರದ ಖಾಸಗಿ ಕಾಲೇಜಿನಲ್ಲಿ ಜಿಲ್ಲಾ ಕಾನೂನು ಸೇವೆಗಳ ಪ್ರಾಧಿಕಾರ ಹಾಗೂ ತಾಲೂಕು ಕಾನೂನು ಸೇವಾ ಸಮಿತಿ ವತಿಯಿಂದ ಆಯೋಜಿಸಿದ್ದ ಕಾನೂನು ಅರಿವು ಕಾರ್ಯಕ್ರಮ ಉದ್ಘಾಟಿಸಿ ಮಾತನಾಡಿದರು.

ಪ್ರತಿಯೊಬ್ಬರೂ ಸಂವಿಧಾನ ನೀಡಿರುವ ಹಕ್ಕುಗಳ ಜೊತೆಗೆ ಕರ್ತವ್ಯಗಳನ್ನೂ ಅರಿಯಬೇಕು. ದ್ವಿಚಕ್ರ ವಾಹನ ಚಲಾಯಿಸುವಾಗ ಹೆಲ್ಮೆಟ್ ಧರಿಸಬೇಕು. ಪರವಾನಗಿ ಇಲ್ಲದೆ ವಾಹನ ಚಲಾಯಿಸಬಾರದು. ಮೊಬೈಲ್ ಬಳಕೆಯಲ್ಲಿ ಎಚ್ಚರಿಕೆ ವಹಿಸಿ ಸೈಬರ್ ಅಪರಾಧಗಳಿಂದ ದೂರವಿರಬೇಕು ಎಂದು ಹೇಳಿದರು.

ಹಿರಿಯ ಸಿವಿಲ್ ನ್ಯಾಯಾಧೀಶರು, ವಕೀಲರ ಸಂಘದ ಅಧ್ಯಕ್ಷರು ಮಾತನಾಡಿ, ಯುವಜನತೆ ಉತ್ತಮ ನಾಗರಿಕರಾಗಿ ದೇಶದ ಅಭಿವೃದ್ಧಿಗೆ ಕೊಡುಗೆ ನೀಡಬೇಕು ಎಂದರು. ಸಂಸ್ಥೆಯ ಗೌರವ ಕಾರ್ಯದರ್ಶಿ, ಪ್ರಾಂಶುಪಾಲ ಎನ್ ಗಂಗಮೂರ್ತಿ ರಾಜೇಶ್ ವಿದ್ಯಾರ್ಥಿಗಳು ಭಾಗವಹಿಸಿದ್ದರು.
